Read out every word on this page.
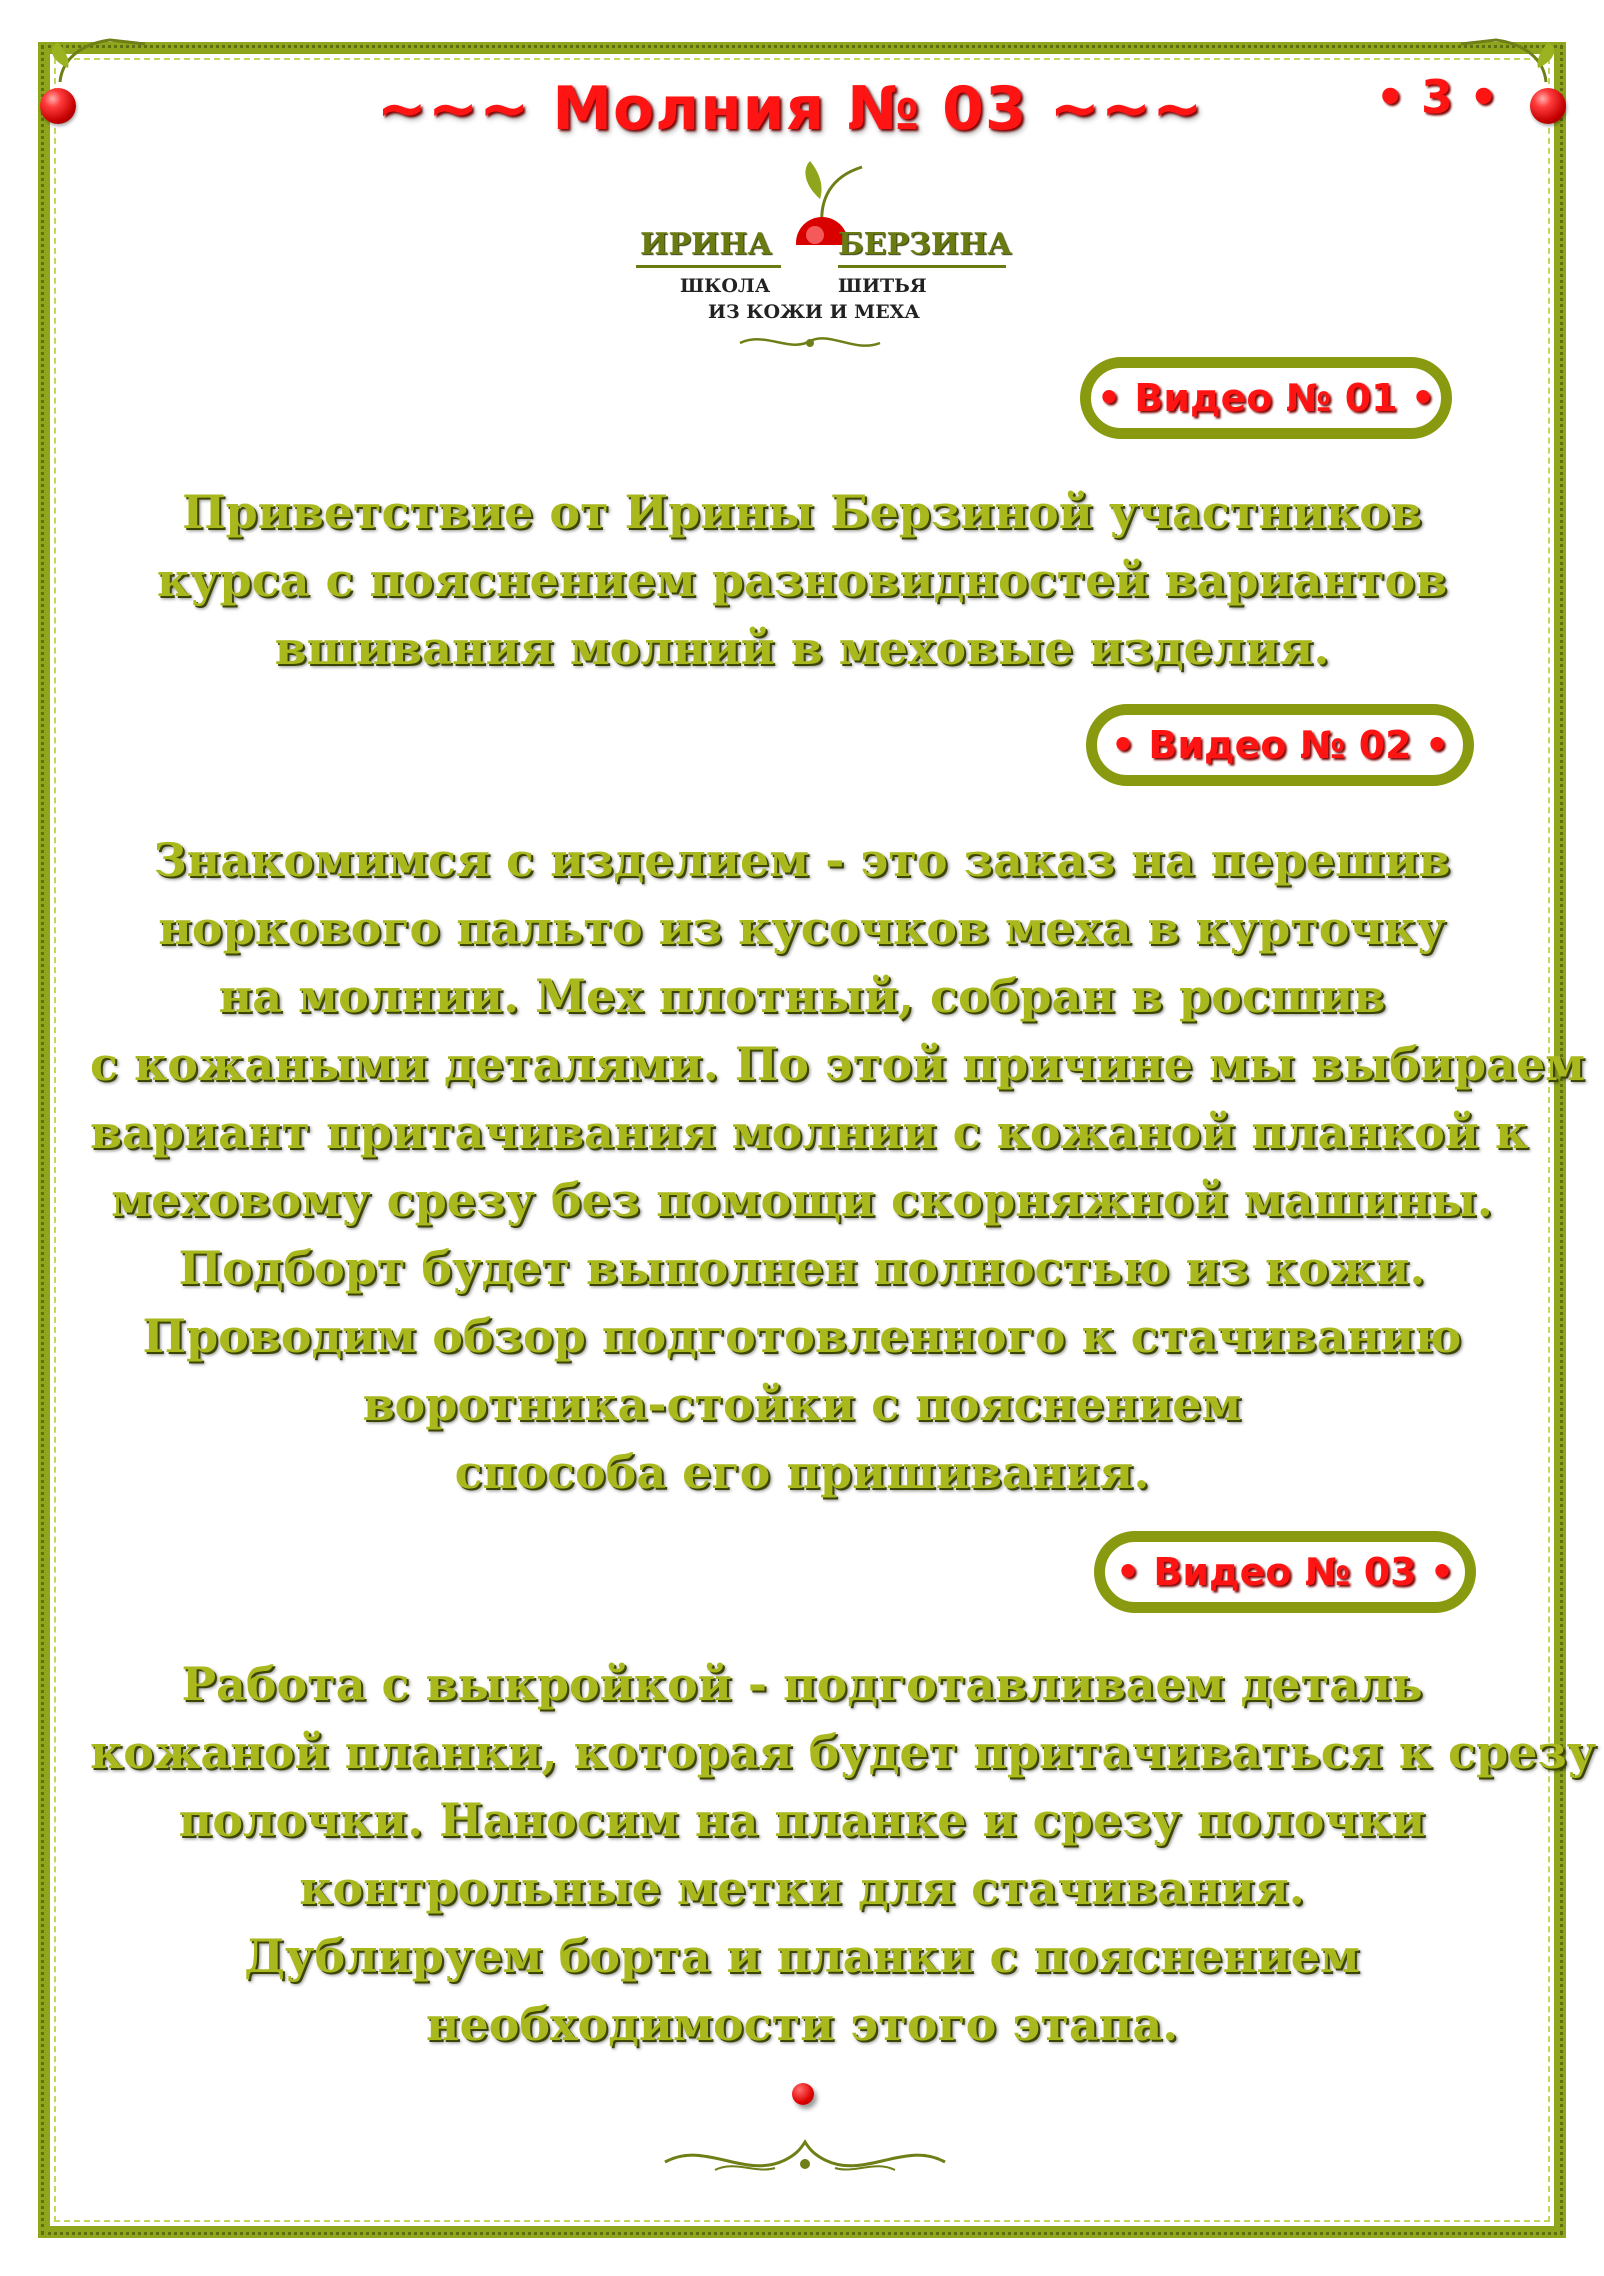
~~~ Молния № 03 ~~~	• 3 •
ИРИНА БЕРЗИНА
ШКОЛА	ШИТЬЯ
ИЗ КОЖИ И МЕХА
• Видео № 01 •
Приветствие от Ирины Берзиной участников
курса с пояснением разновидностей вариантов
вшивания молний в меховые изделия.
• Видео № 02 •
Знакомимся с изделием - это заказ на перешив
норкового пальто из кусочков меха в курточку
на молнии. Мех плотный, собран в росшив
с кожаными деталями. По этой причине мы выбираем
вариант притачивания молнии с кожаной планкой к
меховому срезу без помощи скорняжной машины.
Подборт будет выполнен полностью из кожи.
Проводим обзор подготовленного к стачиванию
воротника-стойки с пояснением
способа его пришивания.
• Видео № 03 •
Работа с выкройкой - подготавливаем деталь
кожаной планки, которая будет притачиваться к срезу
полочки. Наносим на планке и срезу полочки
контрольные метки для стачивания.
Дублируем борта и планки с пояснением
необходимости этого этапа.
